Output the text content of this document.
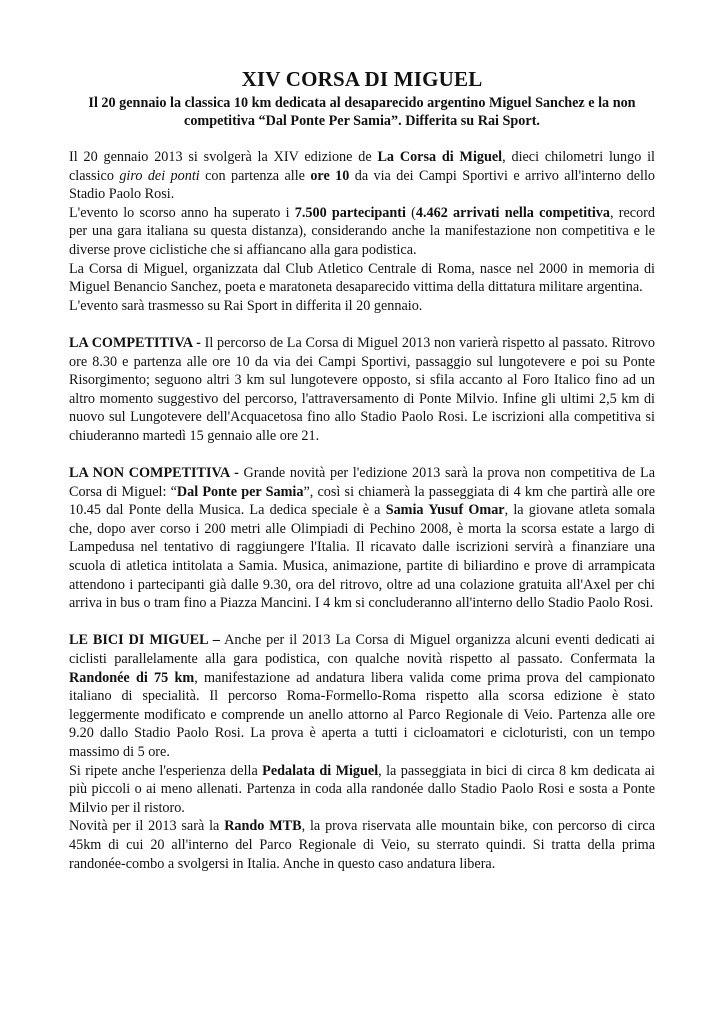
XIV CORSA DI MIGUEL
Il 20 gennaio la classica 10 km dedicata al desaparecido argentino Miguel Sanchez e la non competitiva “Dal Ponte Per Samia”. Differita su Rai Sport.

Il 20 gennaio 2013 si svolgerà la XIV edizione de La Corsa di Miguel, dieci chilometri lungo il classico giro dei ponti con partenza alle ore 10 da via dei Campi Sportivi e arrivo all'interno dello Stadio Paolo Rosi.

L'evento lo scorso anno ha superato i 7.500 partecipanti (4.462 arrivati nella competitiva, record per una gara italiana su questa distanza), considerando anche la manifestazione non competitiva e le diverse prove ciclistiche che si affiancano alla gara podistica.

La Corsa di Miguel, organizzata dal Club Atletico Centrale di Roma, nasce nel 2000 in memoria di Miguel Benancio Sanchez, poeta e maratoneta desaparecido vittima della dittatura militare argentina.

L'evento sarà trasmesso su Rai Sport in differita il 20 gennaio.

LA COMPETITIVA - Il percorso de La Corsa di Miguel 2013 non varierà rispetto al passato. Ritrovo ore 8.30 e partenza alle ore 10 da via dei Campi Sportivi, passaggio sul lungotevere e poi su Ponte Risorgimento; seguono altri 3 km sul lungotevere opposto, si sfila accanto al Foro Italico fino ad un altro momento suggestivo del percorso, l'attraversamento di Ponte Milvio. Infine gli ultimi 2,5 km di nuovo sul Lungotevere dell'Acquacetosa fino allo Stadio Paolo Rosi. Le iscrizioni alla competitiva si chiuderanno martedì 15 gennaio alle ore 21.

LA NON COMPETITIVA - Grande novità per l'edizione 2013 sarà la prova non competitiva de La Corsa di Miguel: “Dal Ponte per Samia”, così si chiamerà la passeggiata di 4 km che partirà alle ore 10.45 dal Ponte della Musica. La dedica speciale è a Samia Yusuf Omar, la giovane atleta somala che, dopo aver corso i 200 metri alle Olimpiadi di Pechino 2008, è morta la scorsa estate a largo di Lampedusa nel tentativo di raggiungere l'Italia. Il ricavato dalle iscrizioni servirà a finanziare una scuola di atletica intitolata a Samia. Musica, animazione, partite di biliardino e prove di arrampicata attendono i partecipanti già dalle 9.30, ora del ritrovo, oltre ad una colazione gratuita all'Axel per chi arriva in bus o tram fino a Piazza Mancini. I 4 km si concluderanno all'interno dello Stadio Paolo Rosi.

LE BICI DI MIGUEL – Anche per il 2013 La Corsa di Miguel organizza alcuni eventi dedicati ai ciclisti parallelamente alla gara podistica, con qualche novità rispetto al passato. Confermata la Randonée di 75 km, manifestazione ad andatura libera valida come prima prova del campionato italiano di specialità. Il percorso Roma-Formello-Roma rispetto alla scorsa edizione è stato leggermente modificato e comprende un anello attorno al Parco Regionale di Veio. Partenza alle ore 9.20 dallo Stadio Paolo Rosi. La prova è aperta a tutti i cicloamatori e cicloturisti, con un tempo massimo di 5 ore.

Si ripete anche l'esperienza della Pedalata di Miguel, la passeggiata in bici di circa 8 km dedicata ai più piccoli o ai meno allenati. Partenza in coda alla randonée dallo Stadio Paolo Rosi e sosta a Ponte Milvio per il ristoro.

Novità per il 2013 sarà la Rando MTB, la prova riservata alle mountain bike, con percorso di circa 45km di cui 20 all'interno del Parco Regionale di Veio, su sterrato quindi. Si tratta della prima randonée-combo a svolgersi in Italia. Anche in questo caso andatura libera.
